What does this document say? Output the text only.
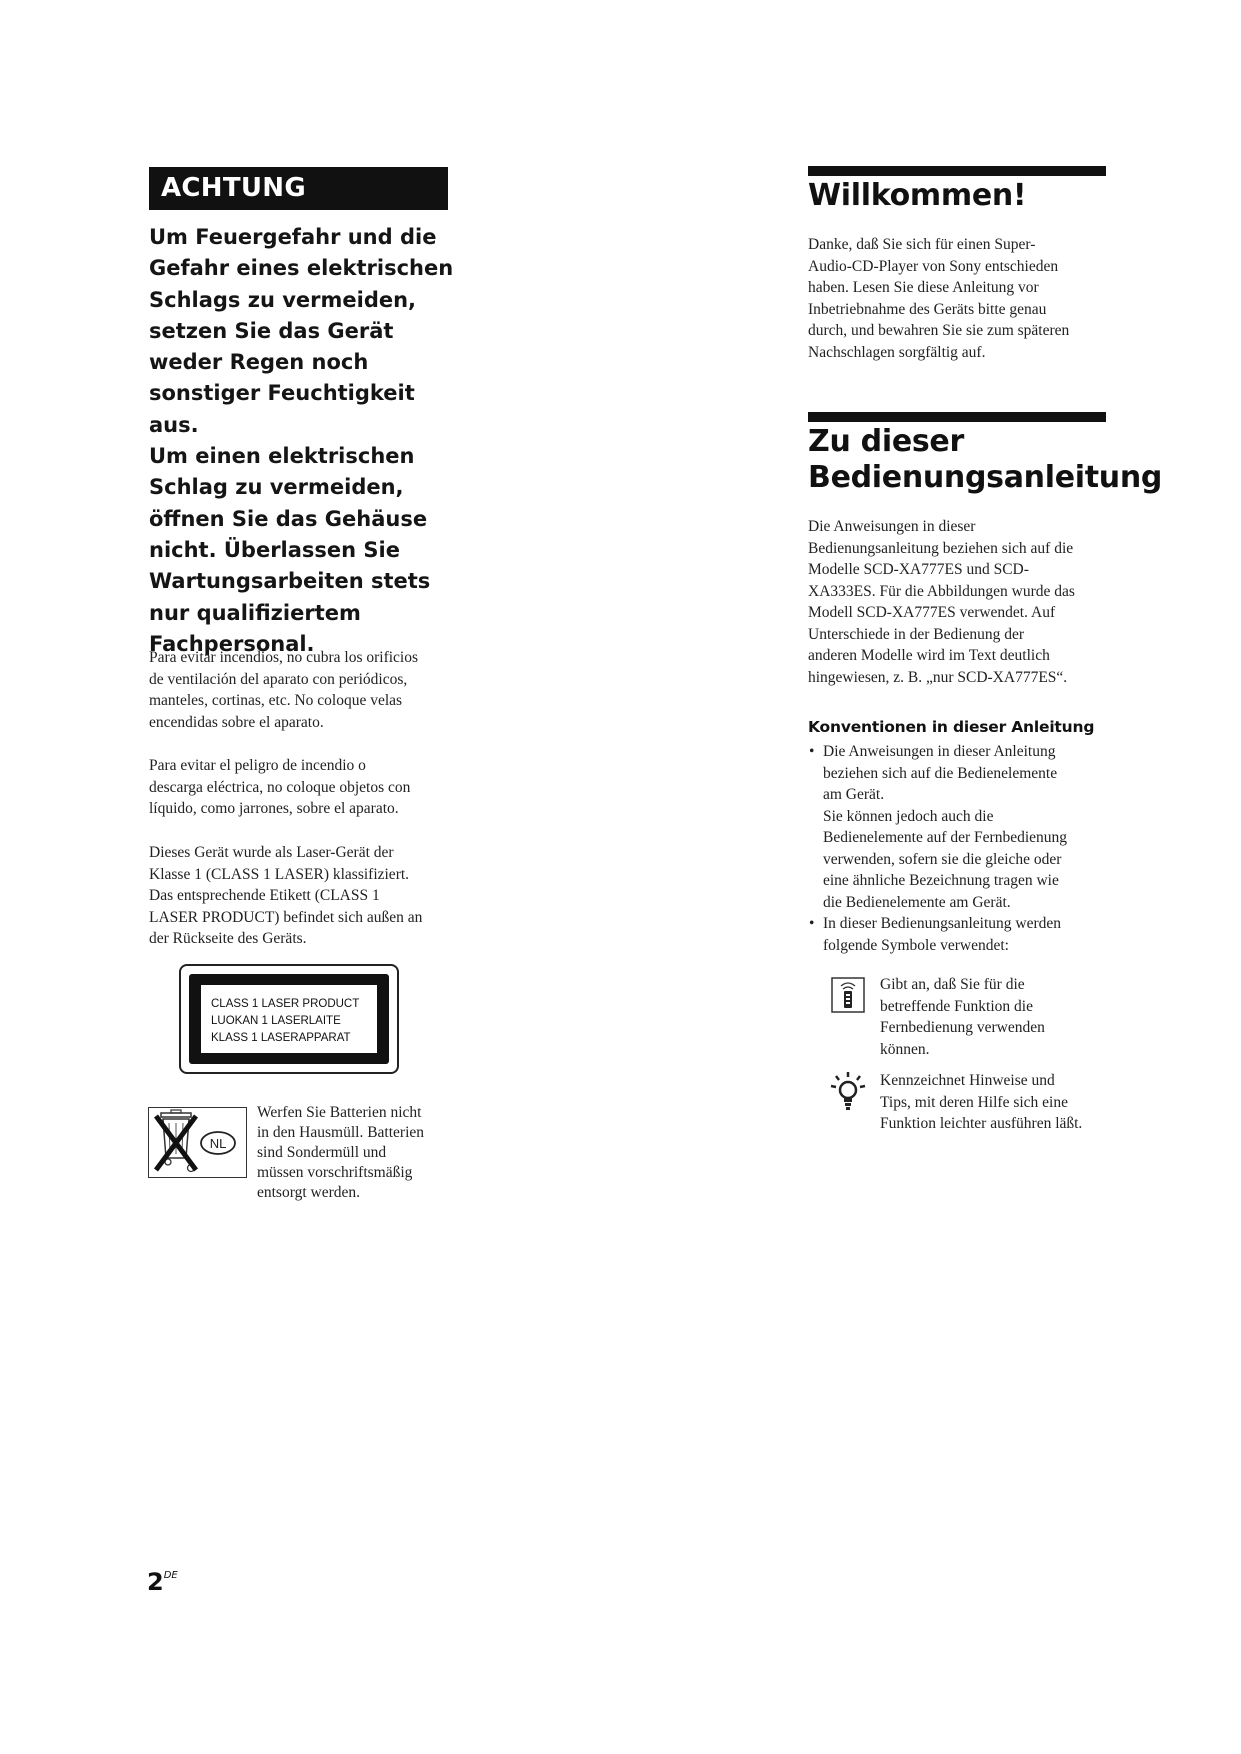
ACHTUNG

Um Feuergefahr und die
Gefahr eines elektrischen
Schlags zu vermeiden,
setzen Sie das Gerät
weder Regen noch
sonstiger Feuchtigkeit aus.
Um einen elektrischen
Schlag zu vermeiden,
öffnen Sie das Gehäuse
nicht. Überlassen Sie
Wartungsarbeiten stets
nur qualifiziertem
Fachpersonal.

Para evitar incendios, no cubra los orificios
de ventilación del aparato con periódicos,
manteles, cortinas, etc. No coloque velas
encendidas sobre el aparato.

Para evitar el peligro de incendio o
descarga eléctrica, no coloque objetos con
líquido, como jarrones, sobre el aparato.

Dieses Gerät wurde als Laser-Gerät der
Klasse 1 (CLASS 1 LASER) klassifiziert.
Das entsprechende Etikett (CLASS 1
LASER PRODUCT) befindet sich außen an
der Rückseite des Geräts.

CLASS 1 LASER PRODUCT
LUOKAN 1 LASERLAITE
KLASS 1 LASERAPPARAT
NL

Werfen Sie Batterien nicht
in den Hausmüll. Batterien
sind Sondermüll und
müssen vorschriftsmäßig
entsorgt werden.

2DE
Willkommen!

Danke, daß Sie sich für einen Super-
Audio-CD-Player von Sony entschieden
haben. Lesen Sie diese Anleitung vor
Inbetriebnahme des Geräts bitte genau
durch, und bewahren Sie sie zum späteren
Nachschlagen sorgfältig auf.

Zu dieser
Bedienungsanleitung

Die Anweisungen in dieser
Bedienungsanleitung beziehen sich auf die
Modelle SCD-XA777ES und SCD-
XA333ES. Für die Abbildungen wurde das
Modell SCD-XA777ES verwendet. Auf
Unterschiede in der Bedienung der
anderen Modelle wird im Text deutlich
hingewiesen, z. B. „nur SCD-XA777ES“.

Konventionen in dieser Anleitung
• Die Anweisungen in dieser Anleitung
beziehen sich auf die Bedienelemente
am Gerät.
Sie können jedoch auch die
Bedienelemente auf der Fernbedienung
verwenden, sofern sie die gleiche oder
eine ähnliche Bezeichnung tragen wie
die Bedienelemente am Gerät.
• In dieser Bedienungsanleitung werden
folgende Symbole verwendet:

Gibt an, daß Sie für die
betreffende Funktion die
Fernbedienung verwenden
können.

Kennzeichnet Hinweise und
Tips, mit deren Hilfe sich eine
Funktion leichter ausführen läßt.
